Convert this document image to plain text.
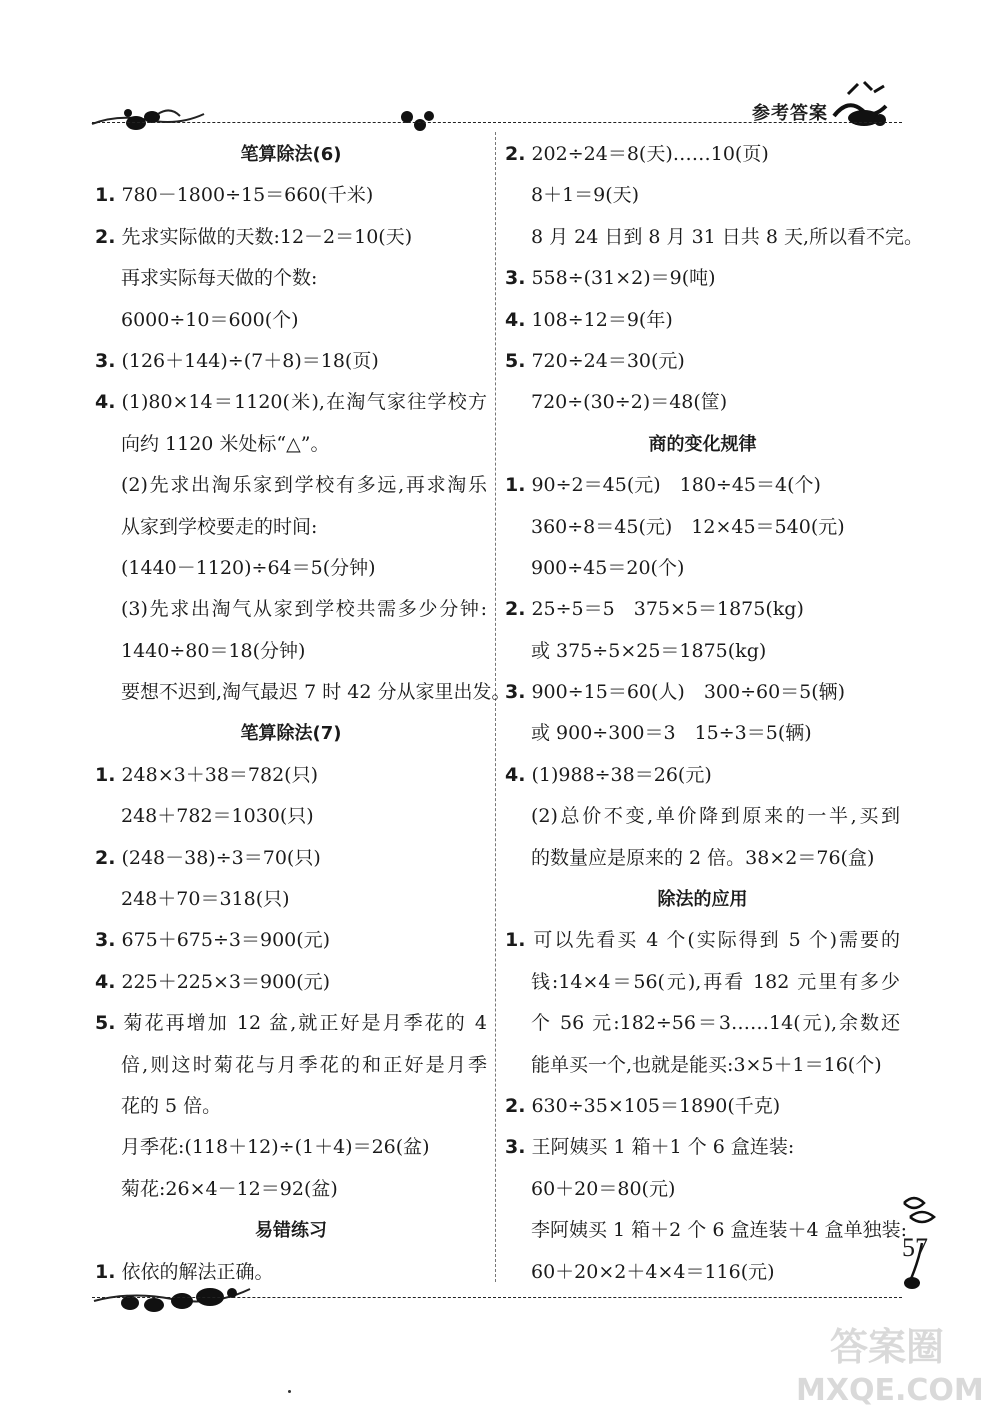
参考答案
笔算除法(6)
1. 780－1800÷15＝660(千米)
2. 先求实际做的天数:12－2＝10(天)
再求实际每天做的个数:
6000÷10＝600(个)
3. (126＋144)÷(7＋8)＝18(页)
4. (1)80×14＝1120(米),在淘气家往学校方
向约 1120 米处标“△”。
(2)先求出淘乐家到学校有多远,再求淘乐
从家到学校要走的时间:
(1440－1120)÷64＝5(分钟)
(3)先求出淘气从家到学校共需多少分钟:
1440÷80＝18(分钟)
要想不迟到,淘气最迟 7 时 42 分从家里出发。
笔算除法(7)
1. 248×3＋38＝782(只)
248＋782＝1030(只)
2. (248－38)÷3＝70(只)
248＋70＝318(只)
3. 675＋675÷3＝900(元)
4. 225＋225×3＝900(元)
5. 菊花再增加 12 盆,就正好是月季花的 4
倍,则这时菊花与月季花的和正好是月季
花的 5 倍。
月季花:(118＋12)÷(1＋4)＝26(盆)
菊花:26×4－12＝92(盆)
易错练习
1. 依依的解法正确。
2. 202÷24＝8(天)……10(页)
8＋1＝9(天)
8 月 24 日到 8 月 31 日共 8 天,所以看不完。
3. 558÷(31×2)＝9(吨)
4. 108÷12＝9(年)
5. 720÷24＝30(元)
720÷(30÷2)＝48(筐)
商的变化规律
1. 90÷2＝45(元)　180÷45＝4(个)
360÷8＝45(元)　12×45＝540(元)
900÷45＝20(个)
2. 25÷5＝5　375×5＝1875(kg)
或 375÷5×25＝1875(kg)
3. 900÷15＝60(人)　300÷60＝5(辆)
或 900÷300＝3　15÷3＝5(辆)
4. (1)988÷38＝26(元)
(2)总价不变,单价降到原来的一半,买到
的数量应是原来的 2 倍。38×2＝76(盒)
除法的应用
1. 可以先看买 4 个(实际得到 5 个)需要的
钱:14×4＝56(元),再看 182 元里有多少
个 56 元:182÷56＝3……14(元),余数还
能单买一个,也就是能买:3×5＋1＝16(个)
2. 630÷35×105＝1890(千克)
3. 王阿姨买 1 箱＋1 个 6 盒连装:
60＋20＝80(元)
李阿姨买 1 箱＋2 个 6 盒连装＋4 盒单独装:
60＋20×2＋4×4＝116(元)
57
答案圈
MXQE.COM
